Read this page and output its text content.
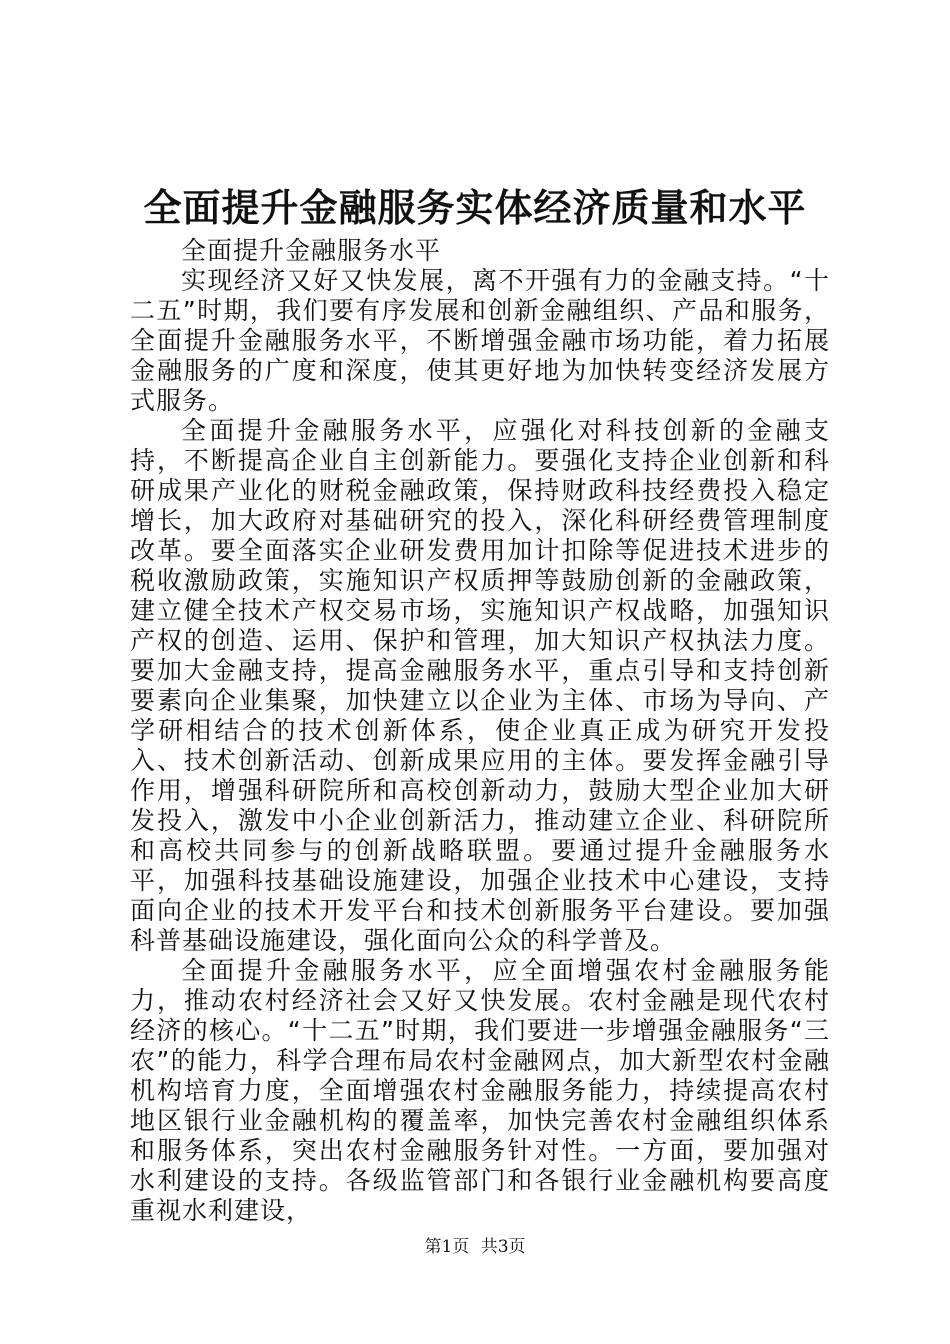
全面提升金融服务实体经济质量和水平

全面提升金融服务水平

实现经济又好又快发展，离不开强有力的金融支持。“十二五”时期，我们要有序发展和创新金融组织、产品和服务，全面提升金融服务水平，不断增强金融市场功能，着力拓展金融服务的广度和深度，使其更好地为加快转变经济发展方式服务。

全面提升金融服务水平，应强化对科技创新的金融支持，不断提高企业自主创新能力。要强化支持企业创新和科研成果产业化的财税金融政策，保持财政科技经费投入稳定增长，加大政府对基础研究的投入，深化科研经费管理制度改革。要全面落实企业研发费用加计扣除等促进技术进步的税收激励政策，实施知识产权质押等鼓励创新的金融政策，建立健全技术产权交易市场，实施知识产权战略，加强知识产权的创造、运用、保护和管理，加大知识产权执法力度。要加大金融支持，提高金融服务水平，重点引导和支持创新要素向企业集聚，加快建立以企业为主体、市场为导向、产学研相结合的技术创新体系，使企业真正成为研究开发投入、技术创新活动、创新成果应用的主体。要发挥金融引导作用，增强科研院所和高校创新动力，鼓励大型企业加大研发投入，激发中小企业创新活力，推动建立企业、科研院所和高校共同参与的创新战略联盟。要通过提升金融服务水平，加强科技基础设施建设，加强企业技术中心建设，支持面向企业的技术开发平台和技术创新服务平台建设。要加强科普基础设施建设，强化面向公众的科学普及。

全面提升金融服务水平，应全面增强农村金融服务能力，推动农村经济社会又好又快发展。农村金融是现代农村经济的核心。“十二五”时期，我们要进一步增强金融服务“三农”的能力，科学合理布局农村金融网点，加大新型农村金融机构培育力度，全面增强农村金融服务能力，持续提高农村地区银行业金融机构的覆盖率，加快完善农村金融组织体系和服务体系，突出农村金融服务针对性。一方面，要加强对水利建设的支持。各级监管部门和各银行业金融机构要高度重视水利建设，

第1页 共3页
